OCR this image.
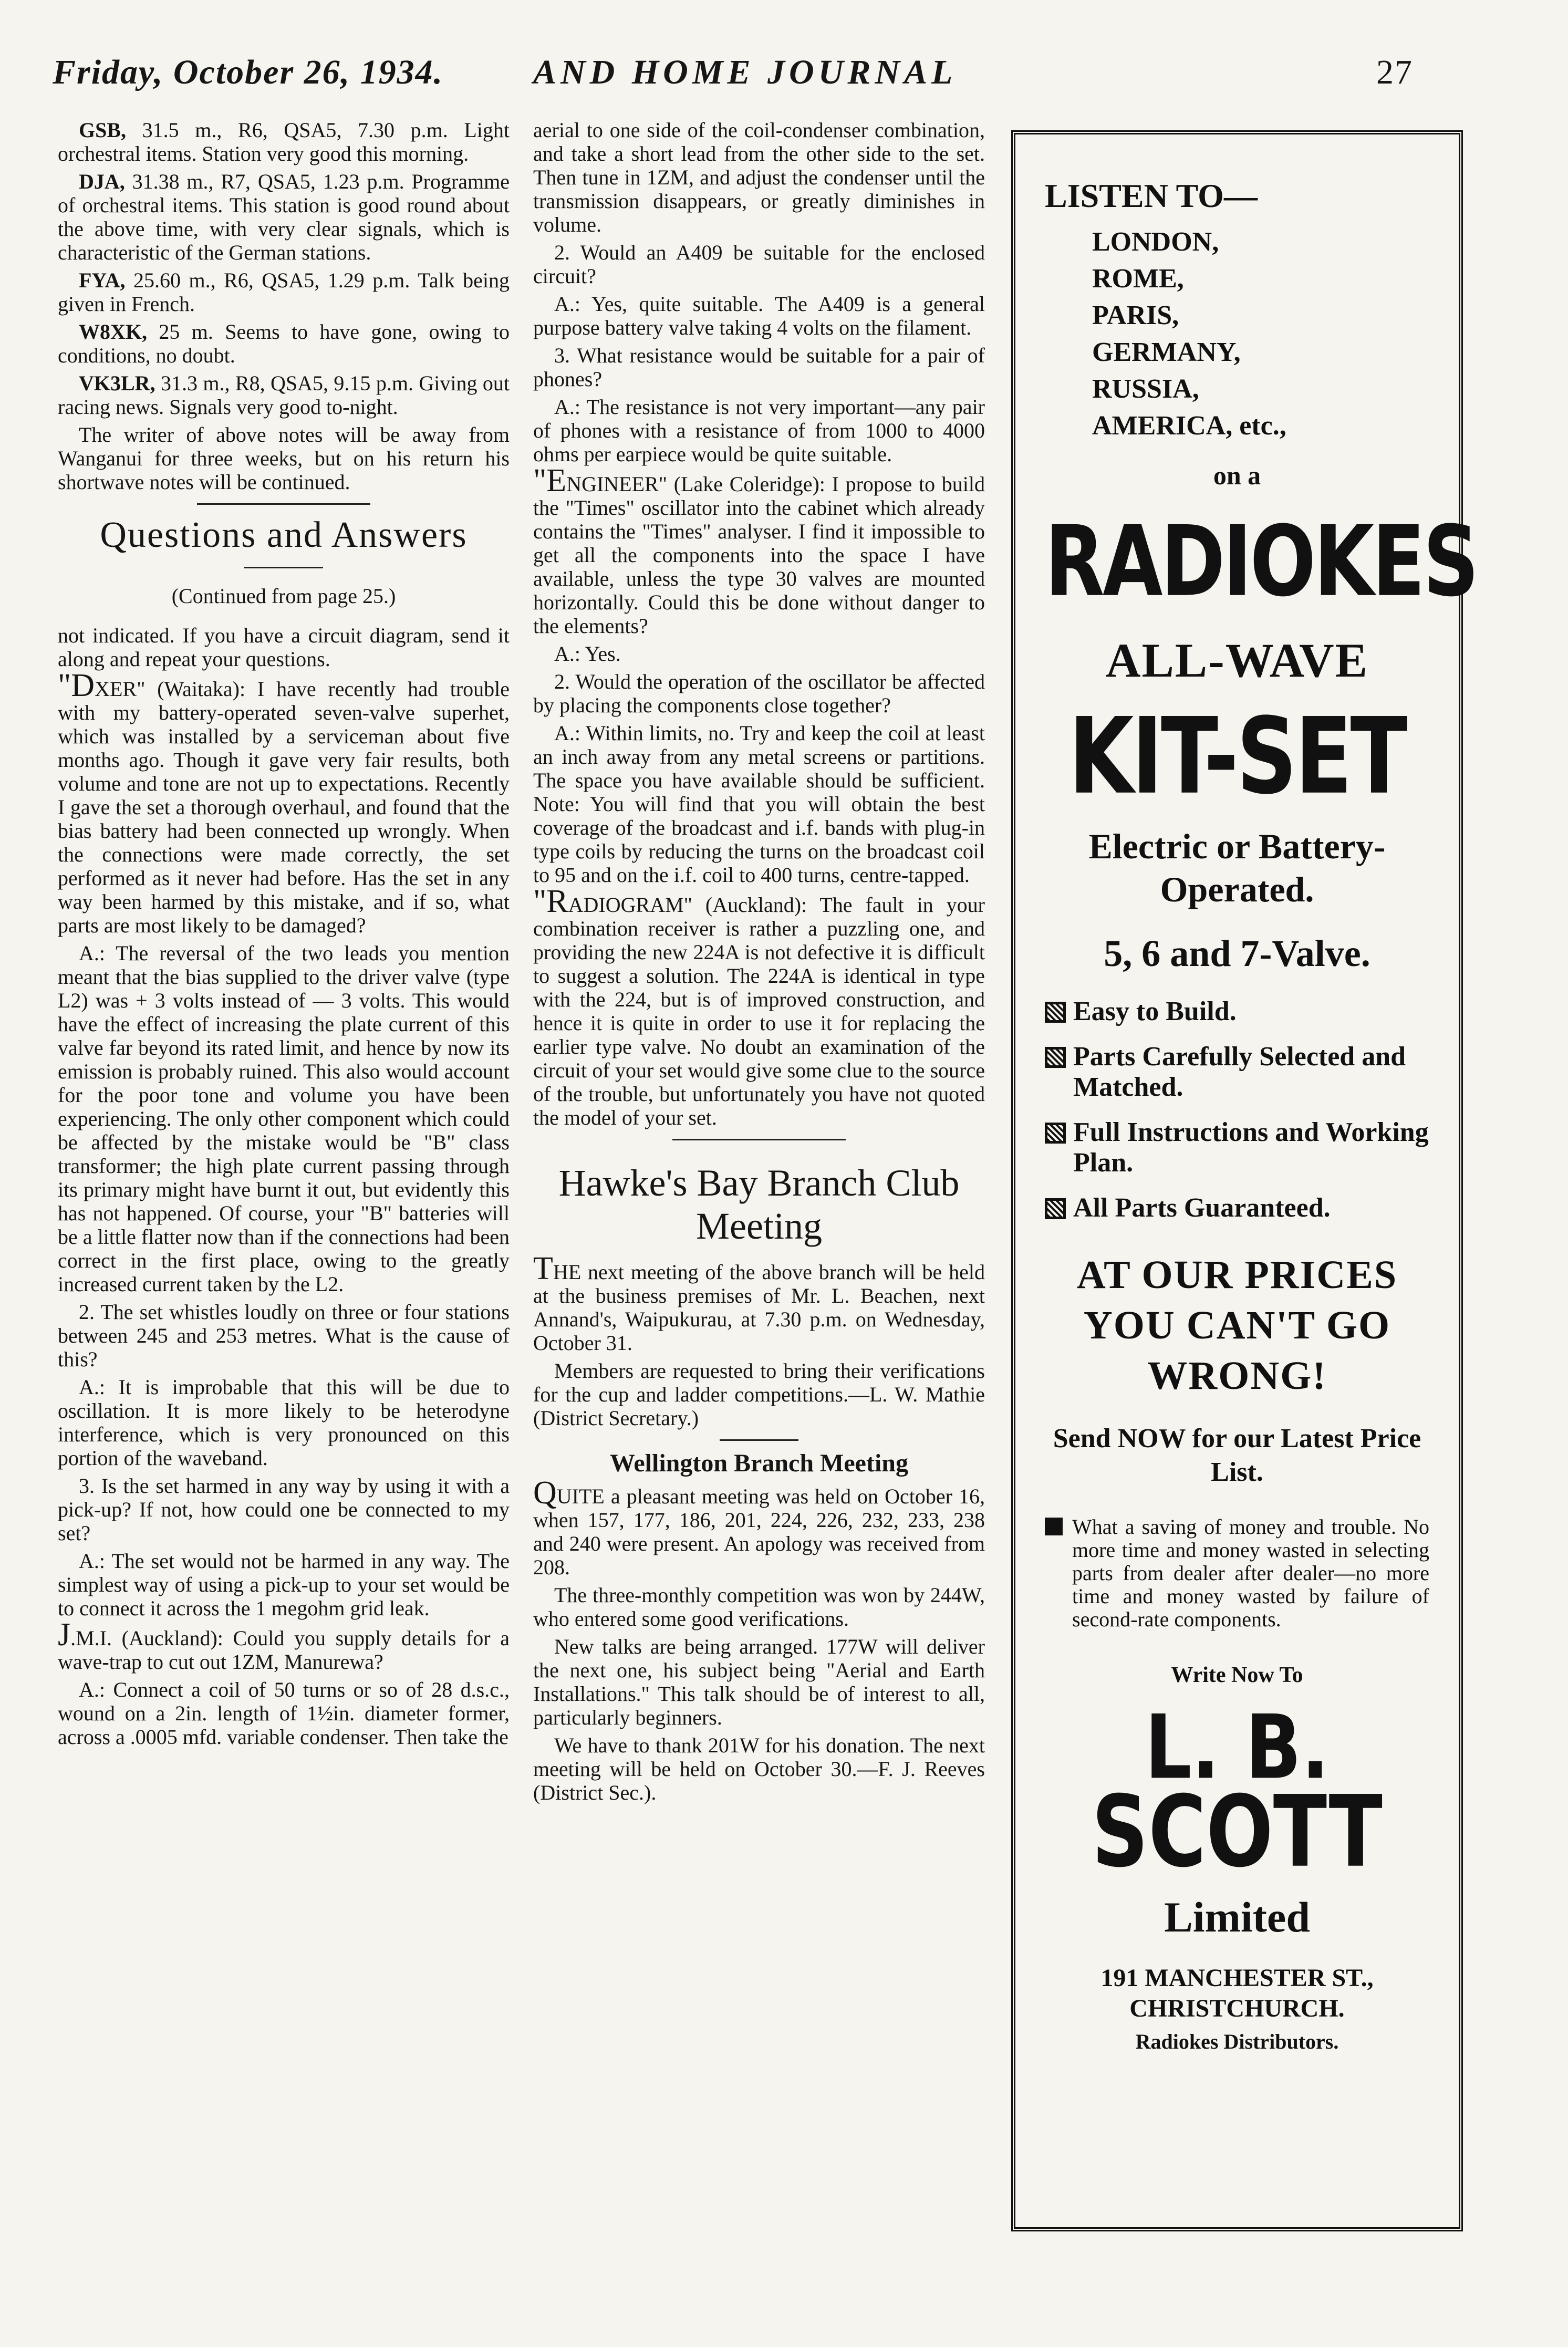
Friday, October 26, 1934.	AND HOME JOURNAL	27

GSB, 31.5 m., R6, QSA5, 7.30 p.m. Light orchestral items. Station very good this morning.

DJA, 31.38 m., R7, QSA5, 1.23 p.m. Programme of orchestral items. This station is good round about the above time, with very clear signals, which is characteristic of the German stations.

FYA, 25.60 m., R6, QSA5, 1.29 p.m. Talk being given in French.

W8XK, 25 m. Seems to have gone, owing to conditions, no doubt.

VK3LR, 31.3 m., R8, QSA5, 9.15 p.m. Giving out racing news. Signals very good to-night.

The writer of above notes will be away from Wanganui for three weeks, but on his return his shortwave notes will be continued.

Questions and Answers
(Continued from page 25.)

not indicated. If you have a circuit diagram, send it along and repeat your questions.

"DXER" (Waitaka): I have recently had trouble with my battery-operated seven-valve superhet, which was installed by a serviceman about five months ago. Though it gave very fair results, both volume and tone are not up to expectations. Recently I gave the set a thorough overhaul, and found that the bias battery had been connected up wrongly. When the connections were made correctly, the set performed as it never had before. Has the set in any way been harmed by this mistake, and if so, what parts are most likely to be damaged?

A.: The reversal of the two leads you mention meant that the bias supplied to the driver valve (type L2) was + 3 volts instead of — 3 volts. This would have the effect of increasing the plate current of this valve far beyond its rated limit, and hence by now its emission is probably ruined. This also would account for the poor tone and volume you have been experiencing. The only other component which could be affected by the mistake would be "B" class transformer; the high plate current passing through its primary might have burnt it out, but evidently this has not happened. Of course, your "B" batteries will be a little flatter now than if the connections had been correct in the first place, owing to the greatly increased current taken by the L2.

2. The set whistles loudly on three or four stations between 245 and 253 metres. What is the cause of this?

A.: It is improbable that this will be due to oscillation. It is more likely to be heterodyne interference, which is very pronounced on this portion of the waveband.

3. Is the set harmed in any way by using it with a pick-up? If not, how could one be connected to my set?

A.: The set would not be harmed in any way. The simplest way of using a pick-up to your set would be to connect it across the 1 megohm grid leak.

J.M.I. (Auckland): Could you supply details for a wave-trap to cut out 1ZM, Manurewa?

A.: Connect a coil of 50 turns or so of 28 d.s.c., wound on a 2in. length of 1½in. diameter former, across a .0005 mfd. variable condenser. Then take the

aerial to one side of the coil-condenser combination, and take a short lead from the other side to the set. Then tune in 1ZM, and adjust the condenser until the transmission disappears, or greatly diminishes in volume.

2. Would an A409 be suitable for the enclosed circuit?

A.: Yes, quite suitable. The A409 is a general purpose battery valve taking 4 volts on the filament.

3. What resistance would be suitable for a pair of phones?

A.: The resistance is not very important—any pair of phones with a resistance of from 1000 to 4000 ohms per earpiece would be quite suitable.

"ENGINEER" (Lake Coleridge): I propose to build the "Times" oscillator into the cabinet which already contains the "Times" analyser. I find it impossible to get all the components into the space I have available, unless the type 30 valves are mounted horizontally. Could this be done without danger to the elements?

A.: Yes.

2. Would the operation of the oscillator be affected by placing the components close together?

A.: Within limits, no. Try and keep the coil at least an inch away from any metal screens or partitions. The space you have available should be sufficient. Note: You will find that you will obtain the best coverage of the broadcast and i.f. bands with plug-in type coils by reducing the turns on the broadcast coil to 95 and on the i.f. coil to 400 turns, centre-tapped.

"RADIOGRAM" (Auckland): The fault in your combination receiver is rather a puzzling one, and providing the new 224A is not defective it is difficult to suggest a solution. The 224A is identical in type with the 224, but is of improved construction, and hence it is quite in order to use it for replacing the earlier type valve. No doubt an examination of the circuit of your set would give some clue to the source of the trouble, but unfortunately you have not quoted the model of your set.

Hawke's Bay Branch Club Meeting

THE next meeting of the above branch will be held at the business premises of Mr. L. Beachen, next Annand's, Waipukurau, at 7.30 p.m. on Wednesday, October 31.

Members are requested to bring their verifications for the cup and ladder competitions.—L. W. Mathie (District Secretary.)

Wellington Branch Meeting

QUITE a pleasant meeting was held on October 16, when 157, 177, 186, 201, 224, 226, 232, 233, 238 and 240 were present. An apology was received from 208.

The three-monthly competition was won by 244W, who entered some good verifications.

New talks are being arranged. 177W will deliver the next one, his subject being "Aerial and Earth Installations." This talk should be of interest to all, particularly beginners.

We have to thank 201W for his donation. The next meeting will be held on October 30.—F. J. Reeves (District Sec.).

LISTEN TO—
LONDON,
ROME,
PARIS,
GERMANY,
RUSSIA,
AMERICA, etc.,
on a
RADIOKES
ALL-WAVE
KIT-SET
Electric or Battery-Operated.
5, 6 and 7-Valve.
Easy to Build.
Parts Carefully Selected and Matched.
Full Instructions and Working Plan.
All Parts Guaranteed.
AT OUR PRICES YOU CAN'T GO WRONG!
Send NOW for our Latest Price List.
What a saving of money and trouble. No more time and money wasted in selecting parts from dealer after dealer—no more time and money wasted by failure of second-rate components.
Write Now To
L. B.
SCOTT
Limited
191 MANCHESTER ST., CHRISTCHURCH.
Radiokes Distributors.
